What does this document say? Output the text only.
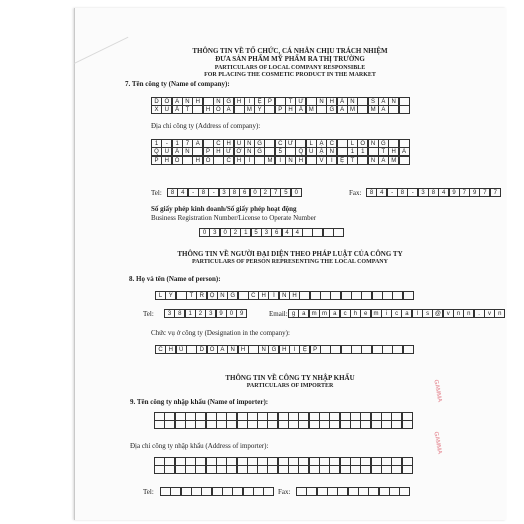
THÔNG TIN VỀ TỔ CHỨC, CÁ NHÂN CHỊU TRÁCH NHIỆM
ĐƯA SẢN PHẨM MỸ PHẨM RA THỊ TRƯỜNG
PARTICULARS OF LOCAL COMPANY RESPONSIBLE
FOR PLACING THE COSMETIC PRODUCT IN THE MARKET
7. Tên công ty (Name of company):
D O A	N H	N G H	I	Ệ	P	T Ư	N H	Â	N	S	Ả	N
X	U	Ấ	T	H Ó A	M Ỹ	P	H	Ẩ M	G A M	M A
Địa chỉ công ty (Address of company):
1	-	1	7	A	C H U N G	C Ư	L	Ạ	C	L	O N G
Q U	Â	N	P	H Ư Ờ N G	5	Q U	Ậ	N	1	1	T	H	À
P	H Ố	H Ồ	C H	Í	M	I	N H	V	I	Ệ	T	N	A M
Tel:	8	4	-	8	-	3	8	6	0	2	7	5	0	Fax:	8	4	-	8	-	3	8	4	9	7	9	7	7
Số giấy phép kinh doanh/Số giấy phép hoạt động
Business Registration Number/License to Operate Number
0	3	0	2	1	5	3	6	4	4
THÔNG TIN VỀ NGƯỜI ĐẠI DIỆN THEO PHÁP LUẬT CỦA CÔNG TY
PARTICULARS OF PERSON REPRESENTING THE LOCAL COMPANY
8. Họ và tên (Name of person):
L	Ý	T	R Ọ N G	C H	Í	N H
Tel:	3	8	1	2	3	9	0	9	Email: g	a	m m	a	c	h	e	m	i	c	a	l	s @ v	n	n	.	v	n
Chức vụ ở công ty (Designation in the company):
C H Ủ	D O A	N H	N G H	I	Ệ	P
THÔNG TIN VỀ CÔNG TY NHẬP KHẨU
PARTICULARS OF IMPORTER
9. Tên công ty nhập khẩu (Name of importer):
Địa chỉ công ty nhập khẩu (Address of importer):
Tel:	Fax:
GAMMA
GAMMA
